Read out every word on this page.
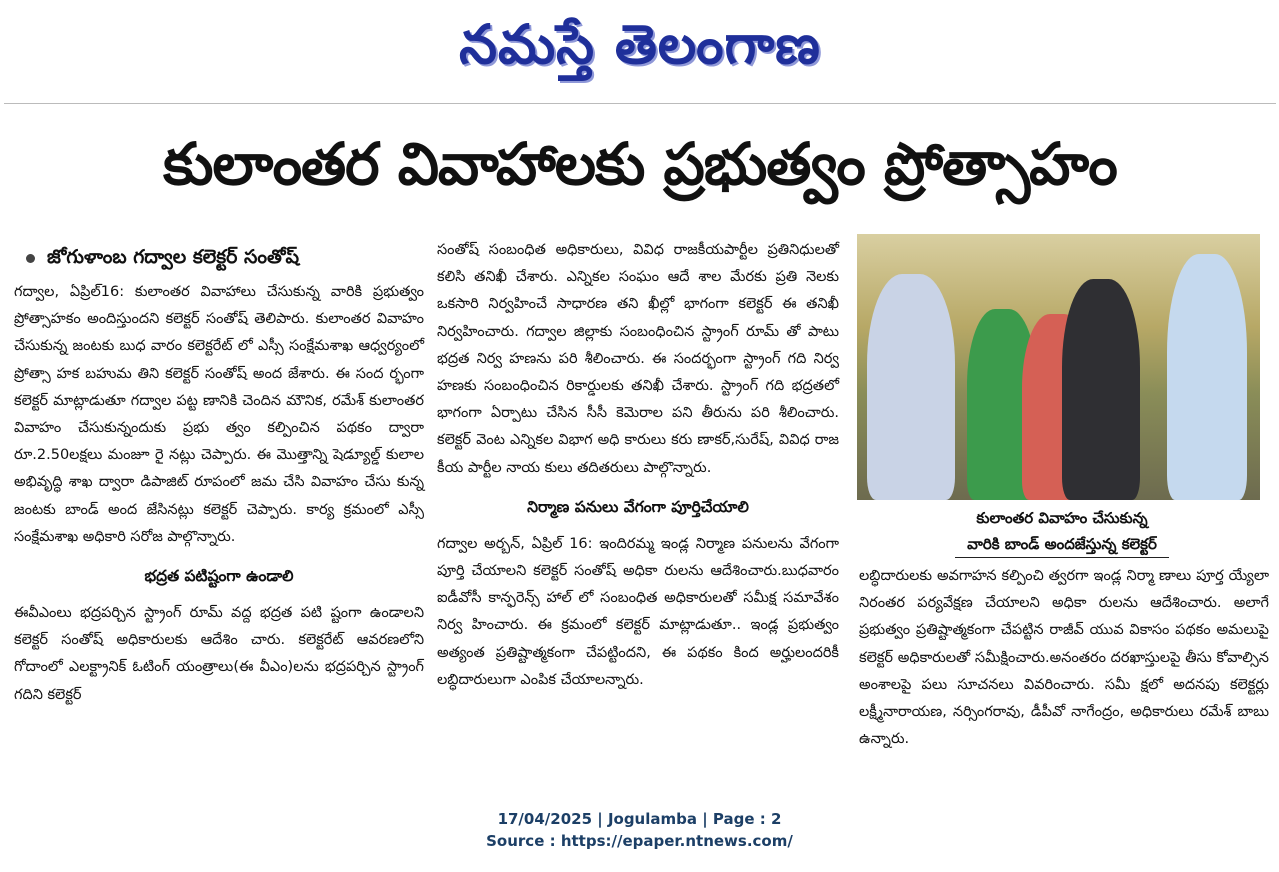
నమస్తే తెలంగాణ
కులాంతర వివాహాలకు ప్రభుత్వం ప్రోత్సాహం
జోగుళాంబ గద్వాల కలెక్టర్ సంతోష్

గద్వాల, ఏప్రిల్16: కులాంతర వివాహాలు చేసుకున్న వారికి ప్రభుత్వం ప్రోత్సాహకం అందిస్తుందని కలెక్టర్ సంతోష్ తెలిపారు. కులాంతర వివాహం చేసుకున్న జంటకు బుధ వారం కలెక్టరేట్ లో ఎస్సీ సంక్షేమశాఖ ఆధ్వర్యంలో ప్రోత్సా హక బహుమ తిని కలెక్టర్ సంతోష్ అంద జేశారు. ఈ సంద ర్భంగా కలెక్టర్ మాట్లాడుతూ గద్వాల పట్ట ణానికి చెందిన మౌనిక, రమేశ్ కులాంతర వివాహం చేసుకున్నందుకు ప్రభు త్వం కల్పించిన పథకం ద్వారా రూ.2.50లక్షలు మంజూ రై నట్లు చెప్పారు. ఈ మొత్తాన్ని షెడ్యూల్డ్ కులాల అభివృద్ధి శాఖ ద్వారా డిపాజిట్ రూపంలో జమ చేసి వివాహం చేసు కున్న జంటకు బాండ్ అంద జేసినట్లు కలెక్టర్ చెప్పారు. కార్య క్రమంలో ఎస్సీ సంక్షేమశాఖ అధికారి సరోజ పాల్గొన్నారు.

భద్రత పటిష్టంగా ఉండాలి

ఈవీఎంలు భద్రపర్చిన స్ట్రాంగ్ రూమ్ వద్ద భద్రత పటి ష్టంగా ఉండాలని కలెక్టర్ సంతోష్ అధికారులకు ఆదేశిం చారు. కలెక్టరేట్ ఆవరణలోని గోదాంలో ఎలక్ట్రానిక్ ఓటింగ్ యంత్రాలు(ఈ వీఎం)లను భద్రపర్చిన స్ట్రాంగ్ గదిని కలెక్టర్

సంతోష్ సంబంధిత అధికారులు, వివిధ రాజకీయపార్టీల ప్రతినిధులతో కలిసి తనిఖీ చేశారు. ఎన్నికల సంఘం ఆదే శాల మేరకు ప్రతి నెలకు ఒకసారి నిర్వహించే సాధారణ తని ఖీల్లో భాగంగా కలెక్టర్ ఈ తనిఖీ నిర్వహించారు. గద్వాల జిల్లాకు సంబంధించిన స్ట్రాంగ్ రూమ్ తో పాటు భద్రత నిర్వ హణను పరి శీలించారు. ఈ సందర్భంగా స్ట్రాంగ్ గది నిర్వ హణకు సంబంధించిన రికార్డులకు తనిఖీ చేశారు. స్ట్రాంగ్ గది భద్రతలో భాగంగా ఏర్పాటు చేసిన సీసీ కెమెరాల పని తీరును పరి శీలించారు. కలెక్టర్ వెంట ఎన్నికల విభాగ అధి కారులు కరు ణాకర్,సురేష్, వివిధ రాజ కీయ పార్టీల నాయ కులు తదితరులు పాల్గొన్నారు.

నిర్మాణ పనులు వేగంగా పూర్తిచేయాలి

గద్వాల అర్బన్, ఏప్రిల్ 16: ఇందిరమ్మ ఇండ్ల నిర్మాణ పనులను వేగంగా పూర్తి చేయాలని కలెక్టర్ సంతోష్ అధికా రులను ఆదేశించారు.బుధవారం ఐడీవోసీ కాన్ఫరెన్స్ హాల్ లో సంబంధిత అధికారులతో సమీక్ష సమావేశం నిర్వ హించారు. ఈ క్రమంలో కలెక్టర్ మాట్లాడుతూ.. ఇండ్ల ప్రభుత్వం అత్యంత ప్రతిష్టాత్మకంగా చేపట్టిందని, ఈ పథకం కింద అర్హులందరికీ లబ్ధిదారులుగా ఎంపిక చేయాలన్నారు.

కులాంతర వివాహం చేసుకున్న
వారికి బాండ్ అందజేస్తున్న కలెక్టర్

లబ్ధిదారులకు అవగాహన కల్పించి త్వరగా ఇండ్ల నిర్మా ణాలు పూర్త య్యేలా నిరంతర పర్యవేక్షణ చేయాలని అధికా రులను ఆదేశించారు. అలాగే ప్రభుత్వం ప్రతిష్టాత్మకంగా చేపట్టిన రాజీవ్ యువ వికాసం పథకం అమలుపై కలెక్టర్ అధికారులతో సమీక్షించారు.అనంతరం దరఖాస్తులపై తీసు కోవాల్సిన అంశాలపై పలు సూచనలు వివరించారు. సమీ క్షలో అదనపు కలెక్టర్లు లక్ష్మీనారాయణ, నర్సింగరావు, డీపీవో నాగేంద్రం, అధికారులు రమేశ్ బాబు ఉన్నారు.

17/04/2025 | Jogulamba | Page : 2
Source : https://epaper.ntnews.com/
